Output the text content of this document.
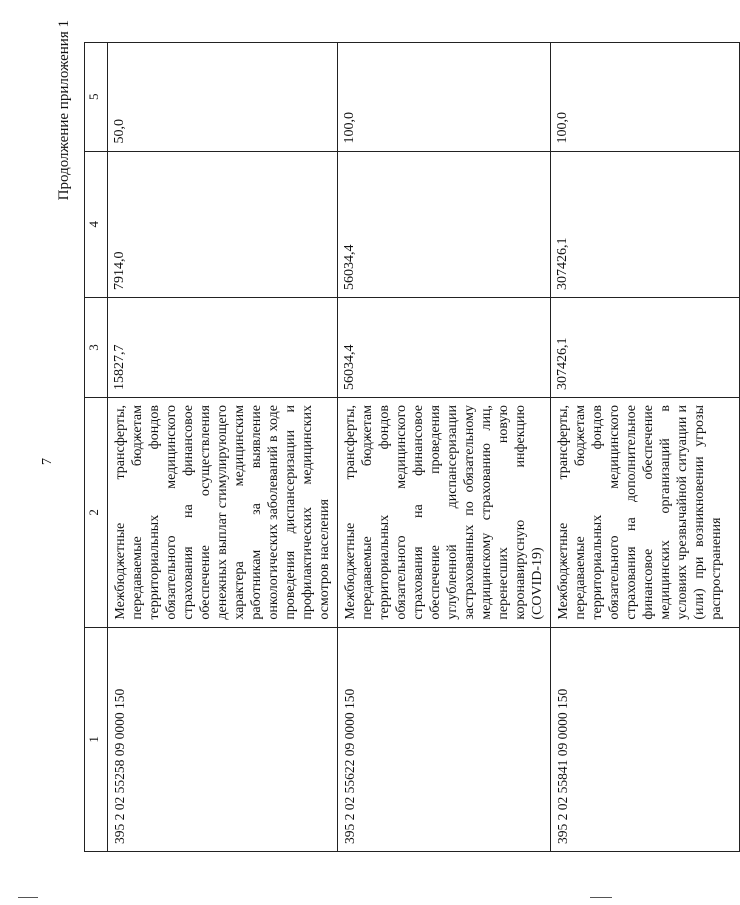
7
Продолжение приложения 1
1	2	3	4	5
395 2 02 55258 09 0000 150	Межбюджетные трансферты, передаваемые бюджетам территориальных фондов обязательного медицинского страхования на финансовое обеспечение осуществления денежных выплат стимулирующего характера медицинским работникам за выявление онкологических заболеваний в ходе проведения диспансеризации и профилактических медицинских осмотров населения	15827,7	7914,0	50,0
395 2 02 55622 09 0000 150	Межбюджетные трансферты, передаваемые бюджетам территориальных фондов обязательного медицинского страхования на финансовое обеспечение проведения углубленной диспансеризации застрахованных по обязательному медицинскому страхованию лиц, перенесших новую коронавирусную инфекцию (COVID-19)	56034,4	56034,4	100,0
395 2 02 55841 09 0000 150	Межбюджетные трансферты, передаваемые бюджетам территориальных фондов обязательного медицинского страхования на дополнительное финансовое обеспечение медицинских организаций в условиях чрезвычайной ситуации и (или) при возникновении угрозы распространения	307426,1	307426,1	100,0
